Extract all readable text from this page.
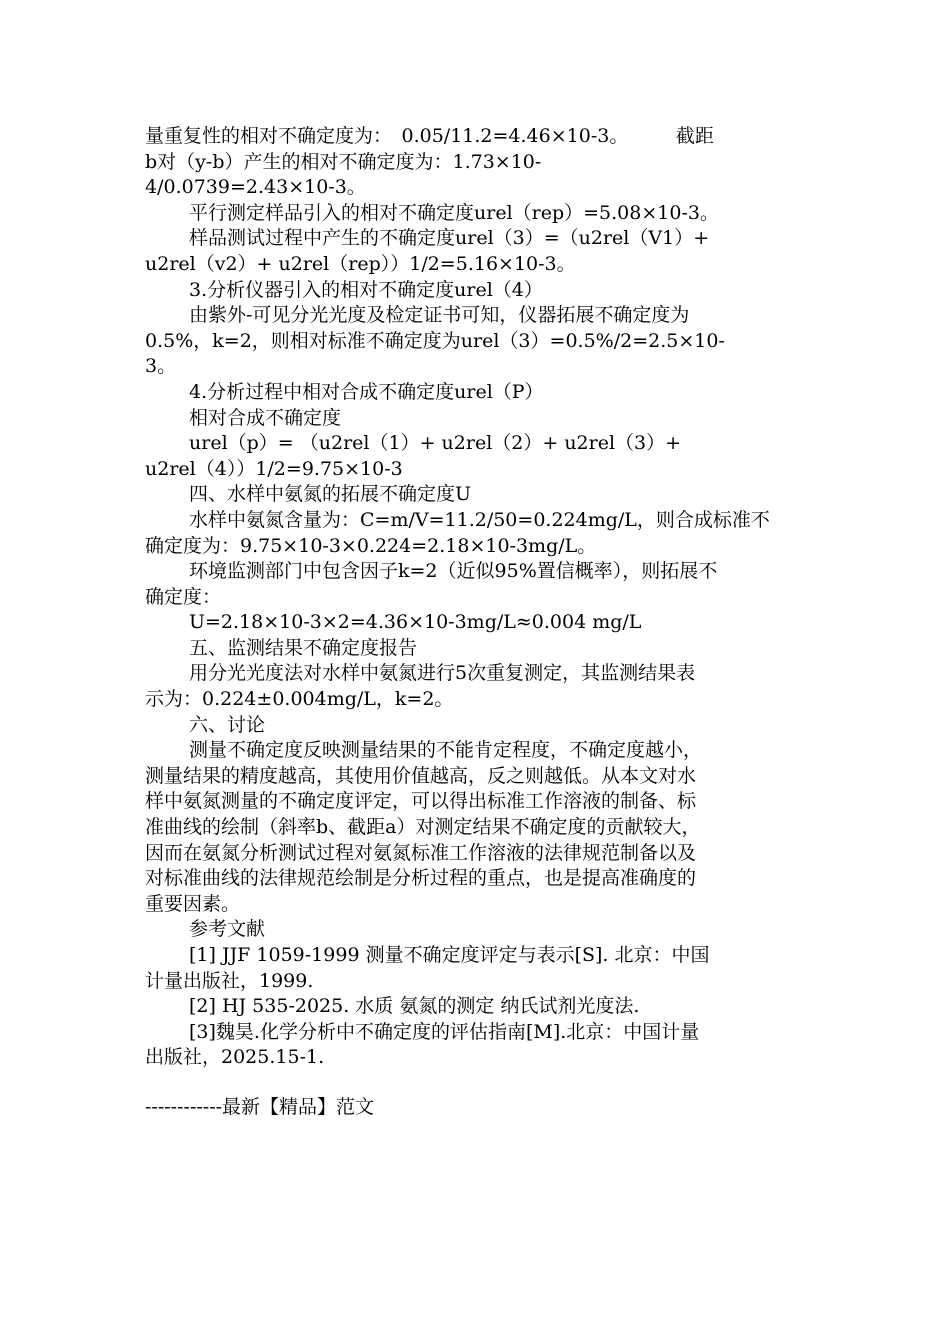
量重复性的相对不确定度为：　0.05/11.2=4.46×10-3。　　　截距

b对（y-b）产生的相对不确定度为：1.73×10-

4/0.0739=2.43×10-3。

平行测定样品引入的相对不确定度urel（rep）=5.08×10-3。

样品测试过程中产生的不确定度urel（3）=（u2rel（V1）+

u2rel（v2）+ u2rel（rep））1/2=5.16×10-3。

3.分析仪器引入的相对不确定度urel（4）

由紫外-可见分光光度及检定证书可知，仪器拓展不确定度为

0.5%，k=2，则相对标准不确定度为urel（3）=0.5%/2=2.5×10-

3。

4.分析过程中相对合成不确定度urel（P）

相对合成不确定度

urel（p）= （u2rel（1）+ u2rel（2）+ u2rel（3）+

u2rel（4））1/2=9.75×10-3

四、水样中氨氮的拓展不确定度U

水样中氨氮含量为：C=m/V=11.2/50=0.224mg/L，则合成标准不

确定度为：9.75×10-3×0.224=2.18×10-3mg/L。

环境监测部门中包含因子k=2（近似95%置信概率），则拓展不

确定度：

U=2.18×10-3×2=4.36×10-3mg/L≈0.004 mg/L

五、监测结果不确定度报告

用分光光度法对水样中氨氮进行5次重复测定，其监测结果表

示为：0.224±0.004mg/L，k=2。

六、讨论

测量不确定度反映测量结果的不能肯定程度，不确定度越小，

测量结果的精度越高，其使用价值越高，反之则越低。从本文对水

样中氨氮测量的不确定度评定，可以得出标准工作溶液的制备、标

准曲线的绘制（斜率b、截距a）对测定结果不确定度的贡献较大，

因而在氨氮分析测试过程对氨氮标准工作溶液的法律规范制备以及

对标准曲线的法律规范绘制是分析过程的重点，也是提高准确度的

重要因素。

参考文献

[1] JJF 1059-1999 测量不确定度评定与表示[S]. 北京：中国

计量出版社，1999.

[2] HJ 535-2025. 水质 氨氮的测定 纳氏试剂光度法.

[3]魏昊.化学分析中不确定度的评估指南[M].北京：中国计量

出版社，2025.15-1.

------------最新【精品】范文
